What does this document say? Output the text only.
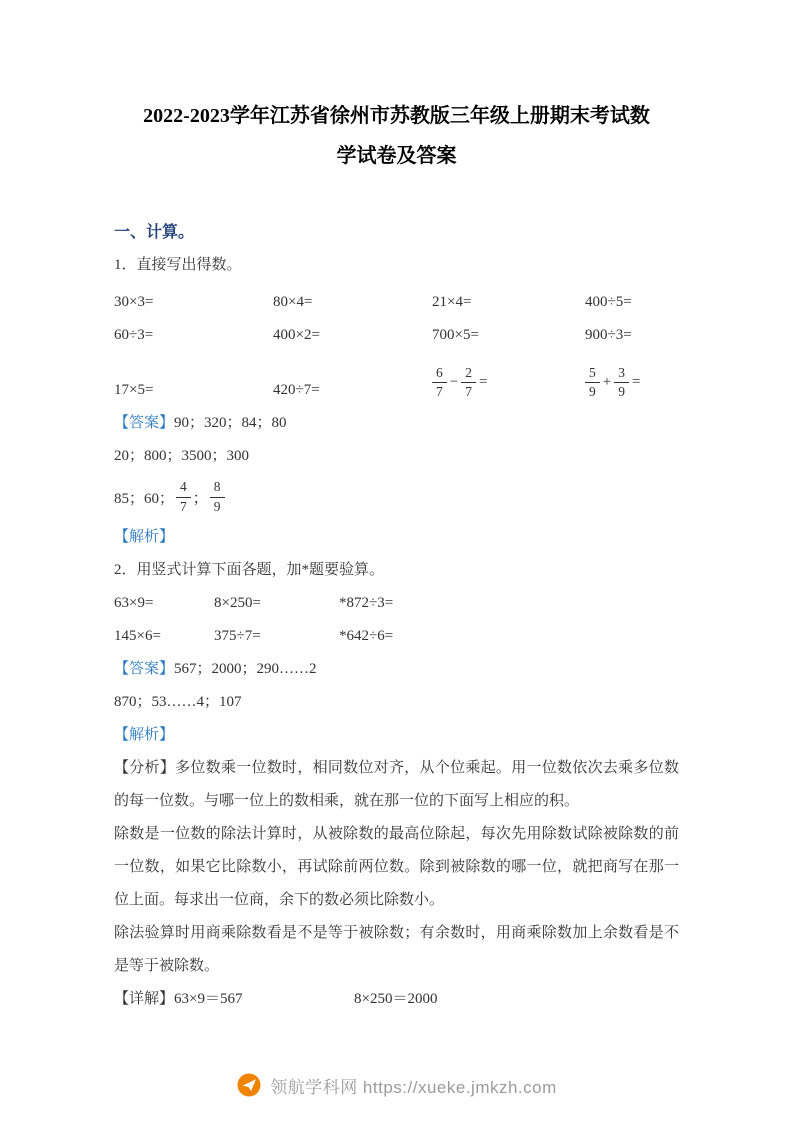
2022-2023学年江苏省徐州市苏教版三年级上册期末考试数
学试卷及答案
一、计算。
1．直接写出得数。
30×3=	80×4=	21×4=	400÷5=
60÷3=	400×2=	700×5=	900÷3=
17×5=	420÷7=	$\frac{6}{7} - \frac{2}{7}$ =	$\frac{5}{9} + \frac{3}{9}$ =
【答案】90；320；84；80
20；800；3500；300
85；60； $\frac{4}{7}$ ； $\frac{8}{9}$
【解析】
2．用竖式计算下面各题，加*题要验算。
63×9=	8×250=	*872÷3=
145×6=	375÷7=	*642÷6=
【答案】567；2000；290……2
870；53……4；107
【解析】
【分析】多位数乘一位数时，相同数位对齐，从个位乘起。用一位数依次去乘多位数的每一位数。与哪一位上的数相乘，就在那一位的下面写上相应的积。
除数是一位数的除法计算时，从被除数的最高位除起，每次先用除数试除被除数的前一位数，如果它比除数小，再试除前两位数。除到被除数的哪一位，就把商写在那一位上面。每求出一位商，余下的数必须比除数小。
除法验算时用商乘除数看是不是等于被除数；有余数时，用商乘除数加上余数看是不是等于被除数。
【详解】63×9＝567	8×250＝2000
领航学科网 https://xueke.jmkzh.com
